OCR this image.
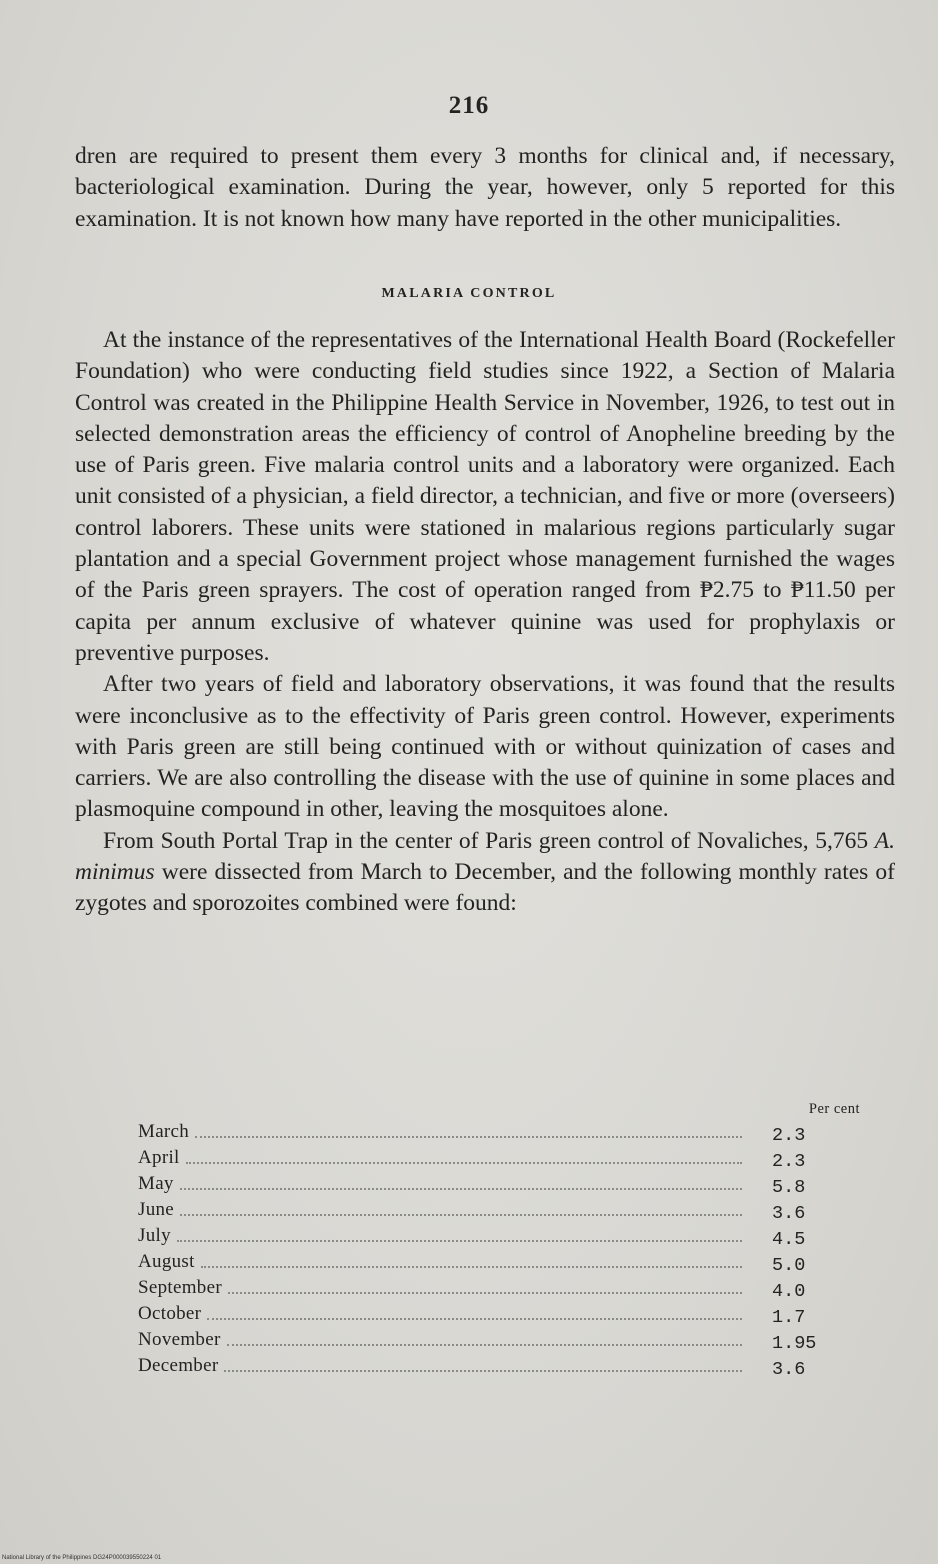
216

dren are required to present them every 3 months for clinical and, if necessary, bacteriological examination. During the year, however, only 5 reported for this examination. It is not known how many have reported in the other municipalities.

MALARIA CONTROL

At the instance of the representatives of the International Health Board (Rockefeller Foundation) who were conducting field studies since 1922, a Section of Malaria Control was created in the Philippine Health Service in November, 1926, to test out in selected demonstration areas the efficiency of control of Anopheline breeding by the use of Paris green. Five malaria control units and a laboratory were organized. Each unit consisted of a physician, a field director, a technician, and five or more (overseers) control laborers. These units were stationed in malarious regions particularly sugar plantation and a special Government project whose management furnished the wages of the Paris green sprayers. The cost of operation ranged from ₱2.75 to ₱11.50 per capita per annum exclusive of whatever quinine was used for prophylaxis or preventive purposes.

After two years of field and laboratory observations, it was found that the results were inconclusive as to the effectivity of Paris green control. However, experiments with Paris green are still being continued with or without quinization of cases and carriers. We are also controlling the disease with the use of quinine in some places and plasmoquine compound in other, leaving the mosquitoes alone.

From South Portal Trap in the center of Paris green control of Novaliches, 5,765 A. minimus were dissected from March to December, and the following monthly rates of zygotes and sporozoites combined were found:

Per cent
March	2.3
April	2.3
May	5.8
June	3.6
July	4.5
August	5.0
September	4.0
October	1.7
November	1.95
December	3.6
National Library of the Philippines DG24P000039550224 01
